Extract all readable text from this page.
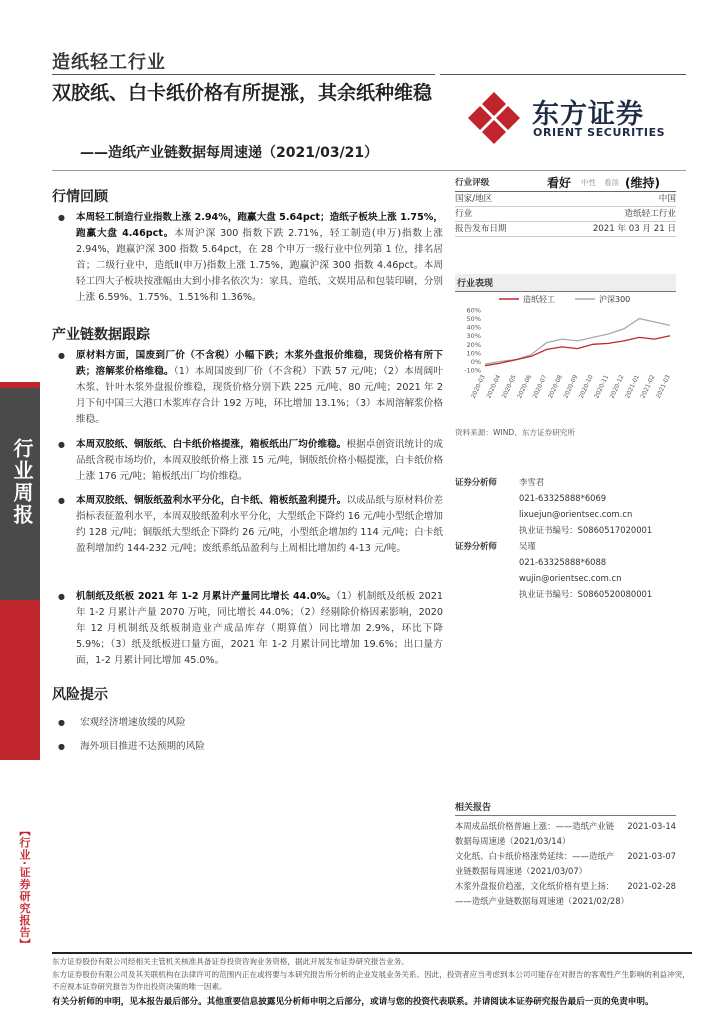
行业周报
【行业·证券研究报告】
造纸轻工行业
双胶纸、白卡纸价格有所提涨，其余纸种维稳
——造纸产业链数据每周速递（2021/03/21）
东方证券
ORIENT SECURITIES
行情回顾
● 本周轻工制造行业指数上涨 2.94%，跑赢大盘 5.64pct；造纸子板块上涨 1.75%，跑赢大盘 4.46pct。本周沪深 300 指数下跌 2.71%，轻工制造(申万)指数上涨 2.94%，跑赢沪深 300 指数 5.64pct，在 28 个申万一级行业中位列第 1 位，排名居首；二级行业中，造纸Ⅱ(申万)指数上涨 1.75%，跑赢沪深 300 指数 4.46pct。本周轻工四大子板块按涨幅由大到小排名依次为：家具、造纸、文娱用品和包装印刷，分别上涨 6.59%、1.75%、1.51%和 1.36%。
产业链数据跟踪
● 原材料方面，国废到厂价（不含税）小幅下跌；木浆外盘报价维稳，现货价格有所下跌；溶解浆价格维稳。（1）本周国废到厂价（不含税）下跌 57 元/吨；（2）本周阔叶木浆、针叶木浆外盘报价维稳，现货价格分别下跌 225 元/吨、80 元/吨；2021 年 2 月下旬中国三大港口木浆库存合计 192 万吨，环比增加 13.1%；（3）本周溶解浆价格维稳。
● 本周双胶纸、铜版纸、白卡纸价格提涨，箱板纸出厂均价维稳。根据卓创资讯统计的成品纸含税市场均价，本周双胶纸价格上涨 15 元/吨，铜版纸价格小幅提涨，白卡纸价格上涨 176 元/吨；箱板纸出厂均价维稳。
● 本周双胶纸、铜版纸盈利水平分化，白卡纸、箱板纸盈利提升。以成品纸与原材料价差指标表征盈利水平，本周双胶纸盈利水平分化，大型纸企下降约 16 元/吨小型纸企增加约 128 元/吨；铜版纸大型纸企下降约 26 元/吨，小型纸企增加约 114 元/吨；白卡纸盈利增加约 144-232 元/吨；废纸系纸品盈利与上周相比增加约 4-13 元/吨。
● 机制纸及纸板 2021 年 1-2 月累计产量同比增长 44.0%。（1）机制纸及纸板 2021 年 1-2 月累计产量 2070 万吨，同比增长 44.0%；（2）经剔除价格因素影响，2020 年 12 月机制纸及纸板制造业产成品库存（期算值）同比增加 2.9%，环比下降 5.9%；（3）纸及纸板进口量方面，2021 年 1-2 月累计同比增加 19.6%；出口量方面，1-2 月累计同比增加 45.0%。
风险提示
● 宏观经济增速放缓的风险
● 海外项目推进不达预期的风险
行业评级	看好 中性 看淡 (维持)
国家/地区	中国
行业	造纸轻工行业
报告发布日期	2021 年 03 月 21 日
行业表现
造纸轻工	沪深300
60%
50%
40%
30%
20%
10%
0%
-10%
2020-03
2020-04
2020-05
2020-06
2020-07
2020-08
2020-09
2020-10
2020-11
2020-12
2021-01
2021-02
2021-03
资料来源：WIND、东方证券研究所
证券分析师	李雪君
021-63325888*6069
lixuejun@orientsec.com.cn
执业证书编号：S0860517020001
证券分析师	吴瑾
021-63325888*6088
wujin@orientsec.com.cn
执业证书编号：S0860520080001
相关报告
本周成品纸价格普遍上涨：——造纸产业链 2021-03-14
数据每周速递（2021/03/14）
文化纸、白卡纸价格涨势延续：——造纸产 2021-03-07
业链数据每周速递（2021/03/07）
木浆外盘报价趋涨，文化纸价格有望上扬： 2021-02-28
——造纸产业链数据每周速递（2021/02/28）
东方证券股份有限公司经相关主管机关核准具备证券投资咨询业务资格，据此开展发布证券研究报告业务。
东方证券股份有限公司及其关联机构在法律许可的范围内正在或将要与本研究报告所分析的企业发展业务关系。因此，投资者应当考虑到本公司可能存在对报告的客观性产生影响的利益冲突，不应视本证券研究报告为作出投资决策的唯一因素。
有关分析师的申明，见本报告最后部分。其他重要信息披露见分析师申明之后部分，或请与您的投资代表联系。并请阅读本证券研究报告最后一页的免责申明。
